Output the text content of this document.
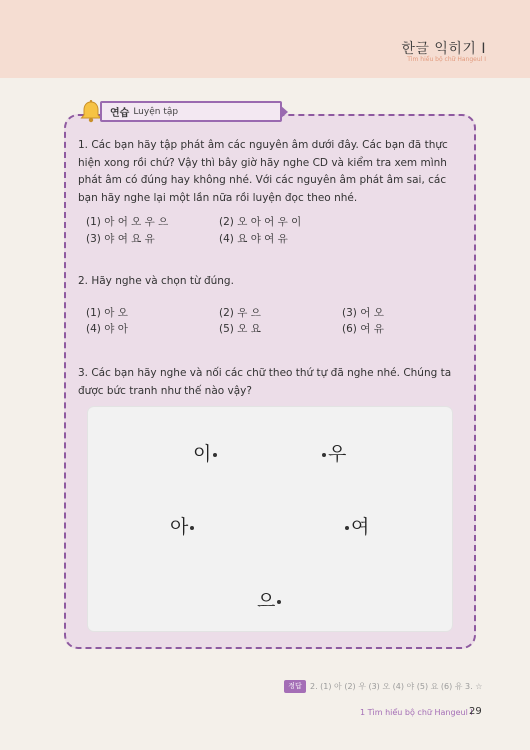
한글 익히기 I
Tìm hiểu bộ chữ Hangeul I
연습 Luyện tập
1. Các bạn hãy tập phát âm các nguyên âm dưới đây. Các bạn đã thực hiện xong rồi chứ? Vậy thì bây giờ hãy nghe CD và kiểm tra xem mình phát âm có đúng hay không nhé. Với các nguyên âm phát âm sai, các bạn hãy nghe lại một lần nữa rồi luyện đọc theo nhé.
(1) 아 어 오 우 으	(2) 오 아 어 우 이
(3) 야 여 요 유	(4) 요 야 여 유
2. Hãy nghe và chọn từ đúng.
(1) 아 오	(2) 우 으	(3) 어 오
(4) 야 아	(5) 오 요	(6) 여 유
3. Các bạn hãy nghe và nối các chữ theo thứ tự đã nghe nhé. Chúng ta được bức tranh như thế nào vậy?
이	우
아	여
으
정답	2. (1) 아 (2) 우 (3) 오 (4) 야 (5) 요 (6) 유 3. ☆
1 Tìm hiểu bộ chữ Hangeul I
29
